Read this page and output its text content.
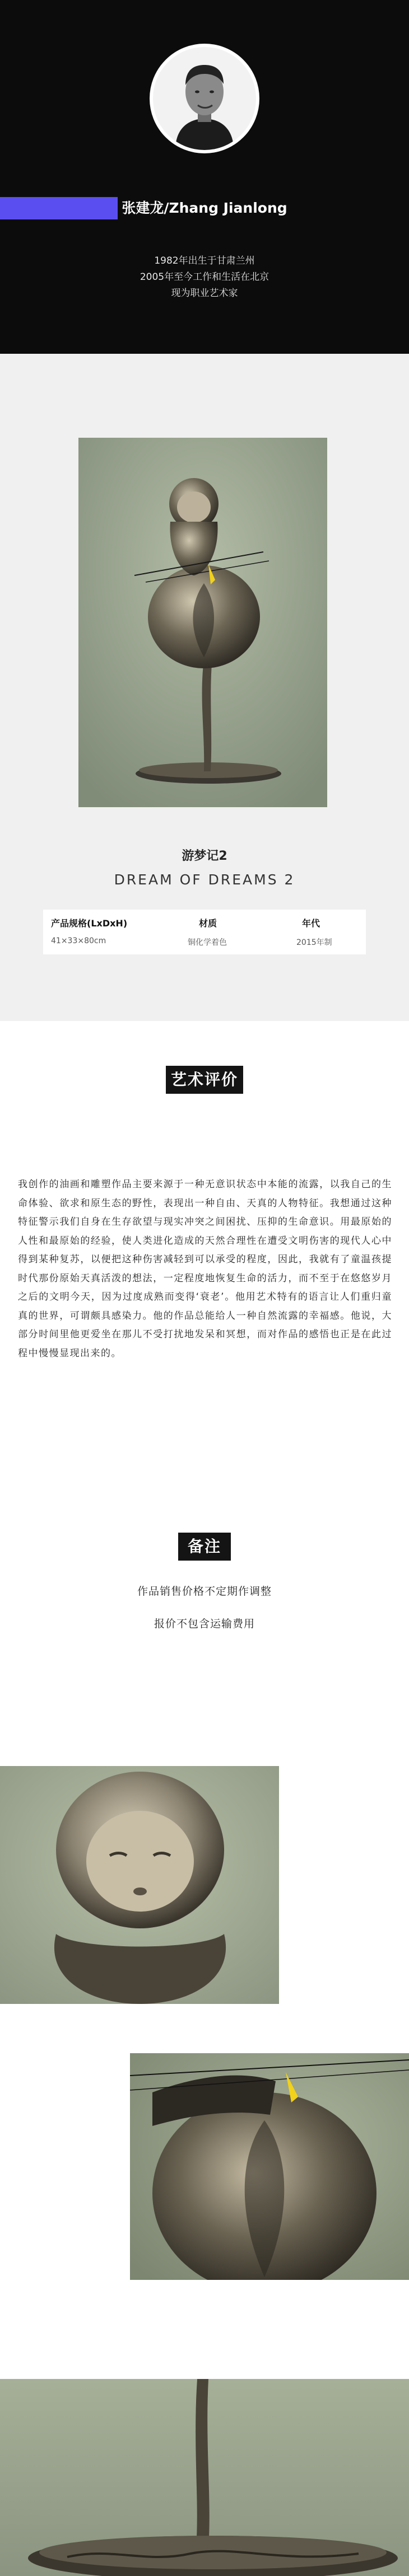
张建龙/Zhang Jianlong
1982年出生于甘肃兰州
2005年至今工作和生活在北京
现为职业艺术家
游梦记2
DREAM OF DREAMS 2
产品规格(LxDxH)
41×33×80cm
材质
铜化学着色
年代
2015年制
艺术评价
我创作的油画和雕塑作品主要来源于一种无意识状态中本能的流露，以我自己的生命体验、欲求和原生态的野性，表现出一种自由、天真的人物特征。我想通过这种特征警示我们自身在生存欲望与现实冲突之间困扰、压抑的生命意识。用最原始的人性和最原始的经验，使人类进化造成的天然合理性在遭受文明伤害的现代人心中得到某种复苏，以便把这种伤害减轻到可以承受的程度，因此，我就有了童温孩提时代那份原始天真活泼的想法，一定程度地恢复生命的活力，而不至于在悠悠岁月之后的文明今天，因为过度成熟而变得‘衰老’。他用艺术特有的语言让人们重归童真的世界，可谓颇具感染力。他的作品总能给人一种自然流露的幸福感。他说，大部分时间里他更爱坐在那儿不受打扰地发呆和冥想，而对作品的感悟也正是在此过程中慢慢显现出来的。
备注
作品销售价格不定期作调整
报价不包含运输费用
